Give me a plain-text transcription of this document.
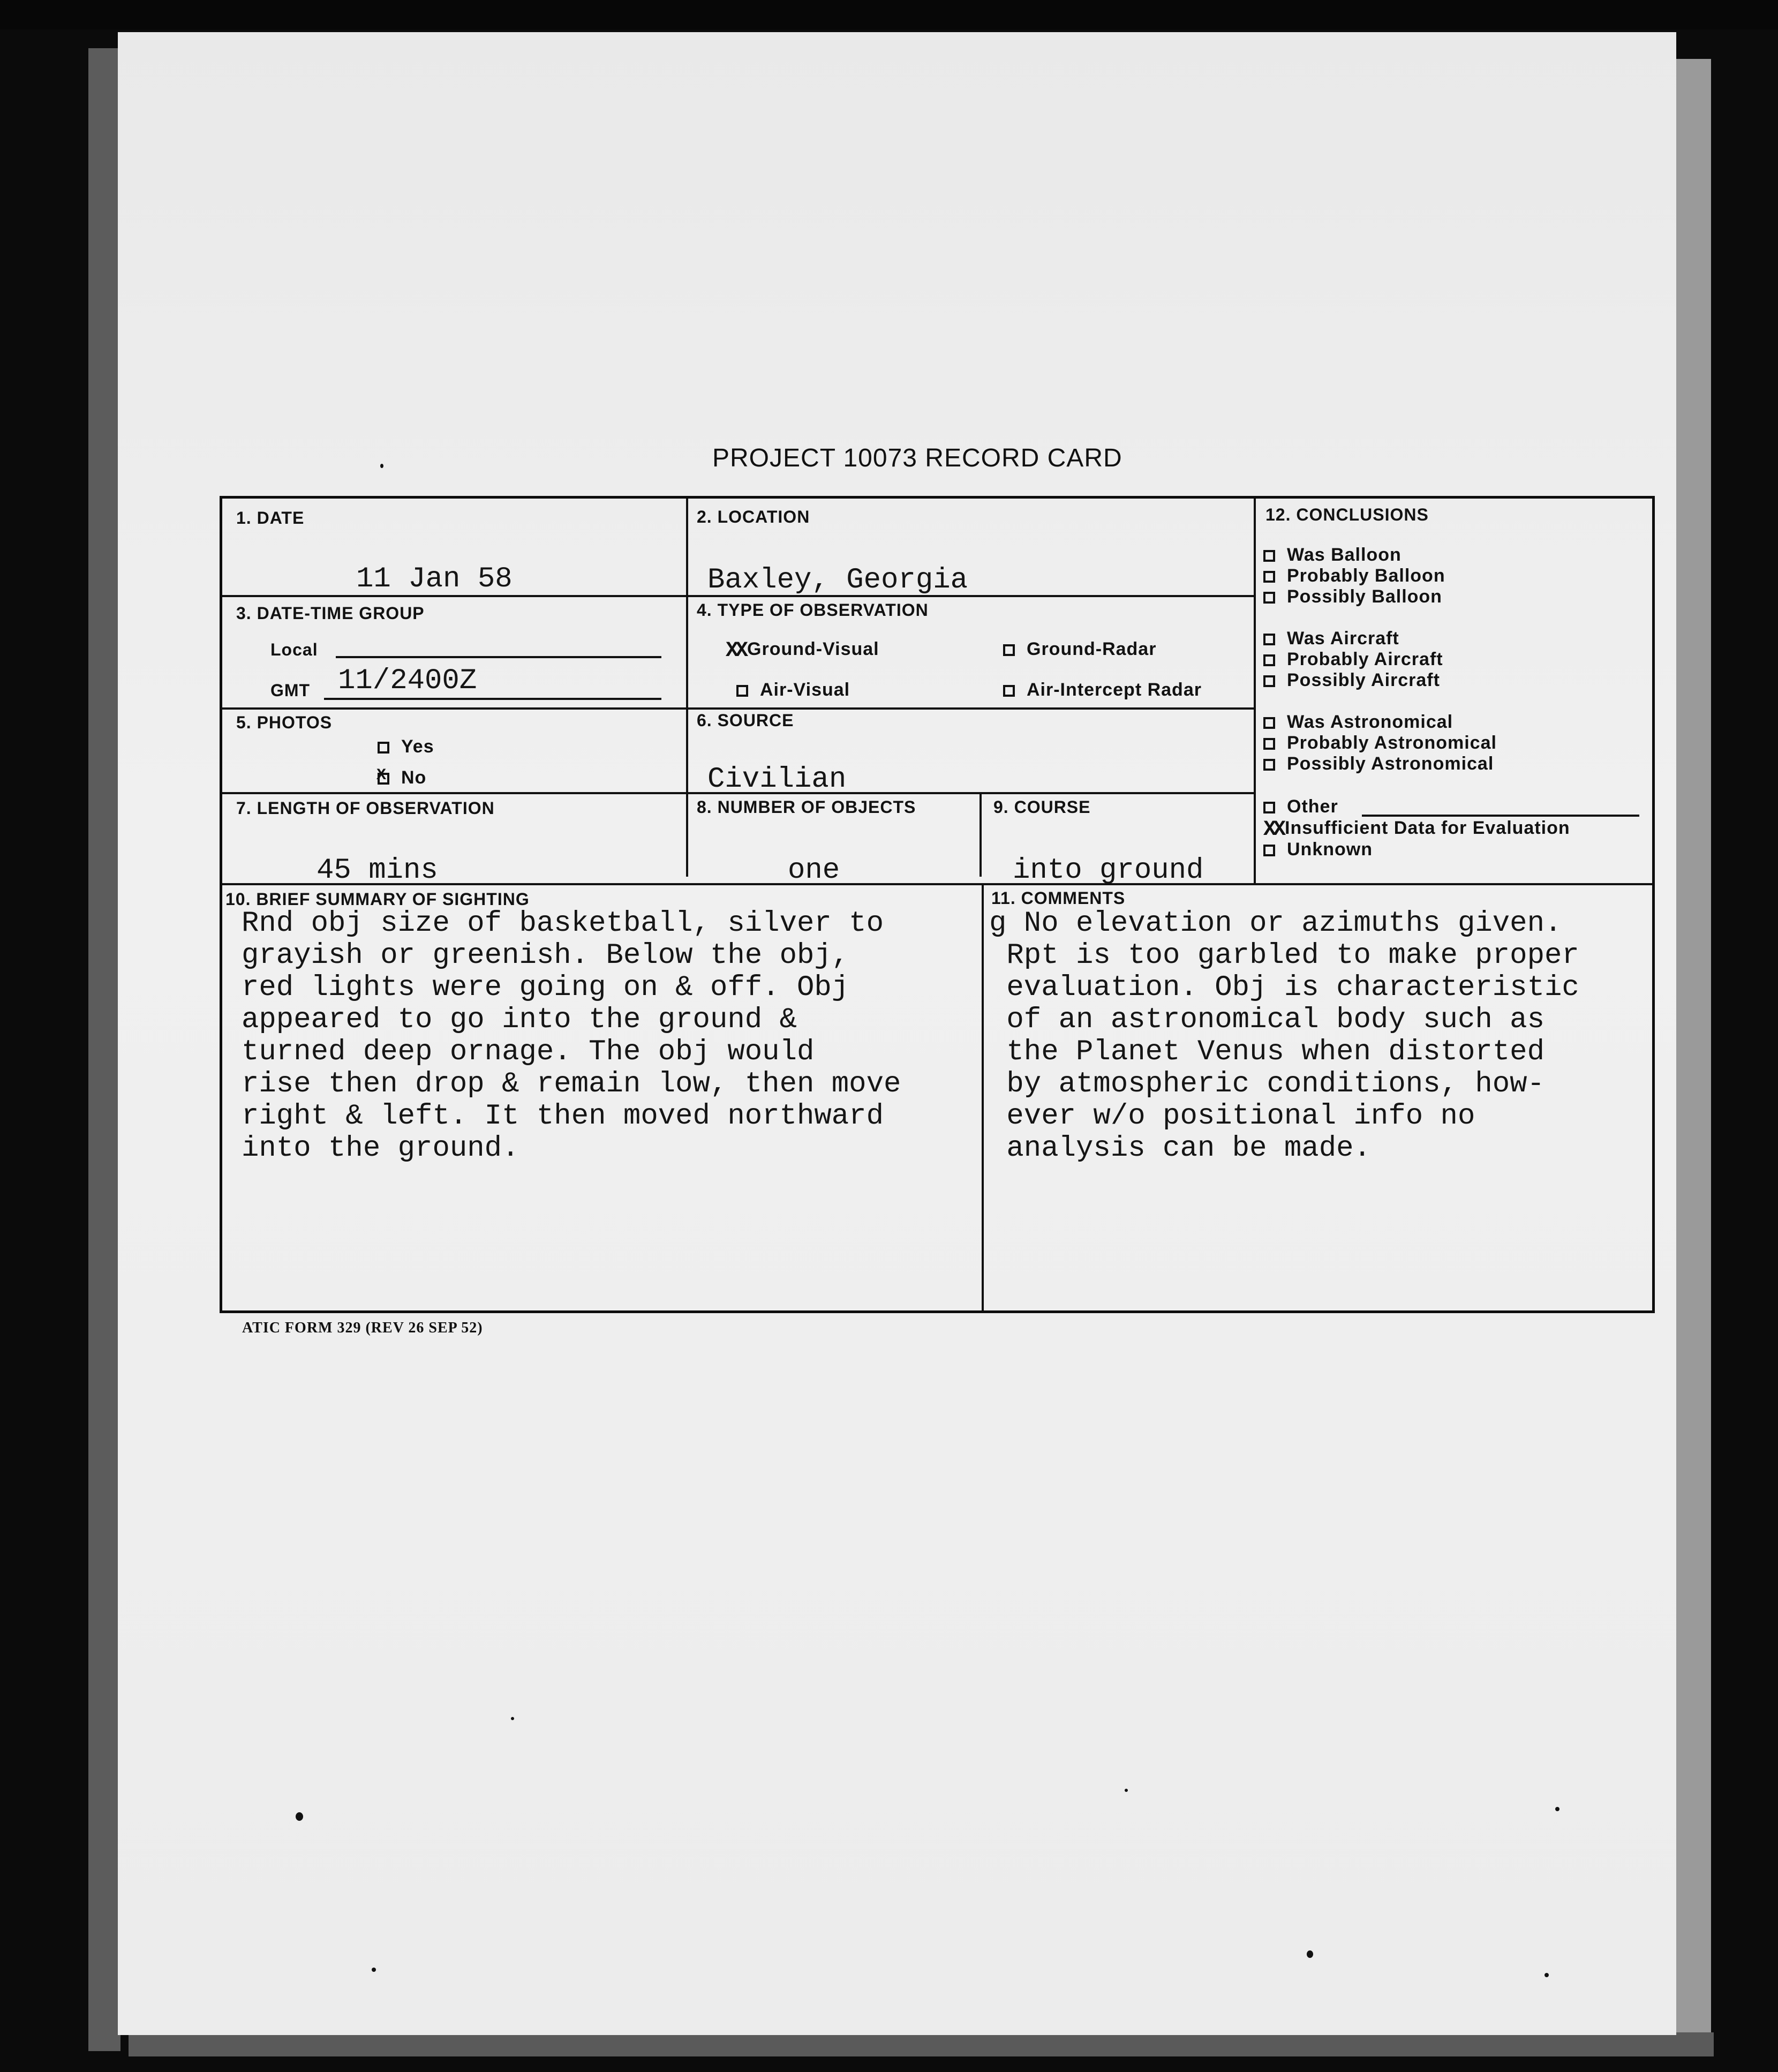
PROJECT 10073 RECORD CARD
1. DATE
11 Jan 58
2. LOCATION
Baxley, Georgia
3. DATE-TIME GROUP
Local
GMT 11/2400Z
4. TYPE OF OBSERVATION
XX Ground-Visual	Ground-Radar
Air-Visual	Air-Intercept Radar
5. PHOTOS
Yes
X No
6. SOURCE
Civilian
7. LENGTH OF OBSERVATION
45 mins
8. NUMBER OF OBJECTS
one
9. COURSE
into ground
10. BRIEF SUMMARY OF SIGHTING
Rnd obj size of basketball, silver to
grayish or greenish. Below the obj,
red lights were going on & off. Obj
appeared to go into the ground &
turned deep ornage. The obj would
rise then drop & remain low, then move
right & left. It then moved northward
into the ground.
11. COMMENTS
g No elevation or azimuths given.
Rpt is too garbled to make proper
evaluation. Obj is characteristic
of an astronomical body such as
the Planet Venus when distorted
by atmospheric conditions, how-
ever w/o positional info no
analysis can be made.
12. CONCLUSIONS
Was Balloon
Probably Balloon
Possibly Balloon
Was Aircraft
Probably Aircraft
Possibly Aircraft
Was Astronomical
Probably Astronomical
Possibly Astronomical
Other
XX Insufficient Data for Evaluation
Unknown
ATIC FORM 329 (REV 26 SEP 52)
